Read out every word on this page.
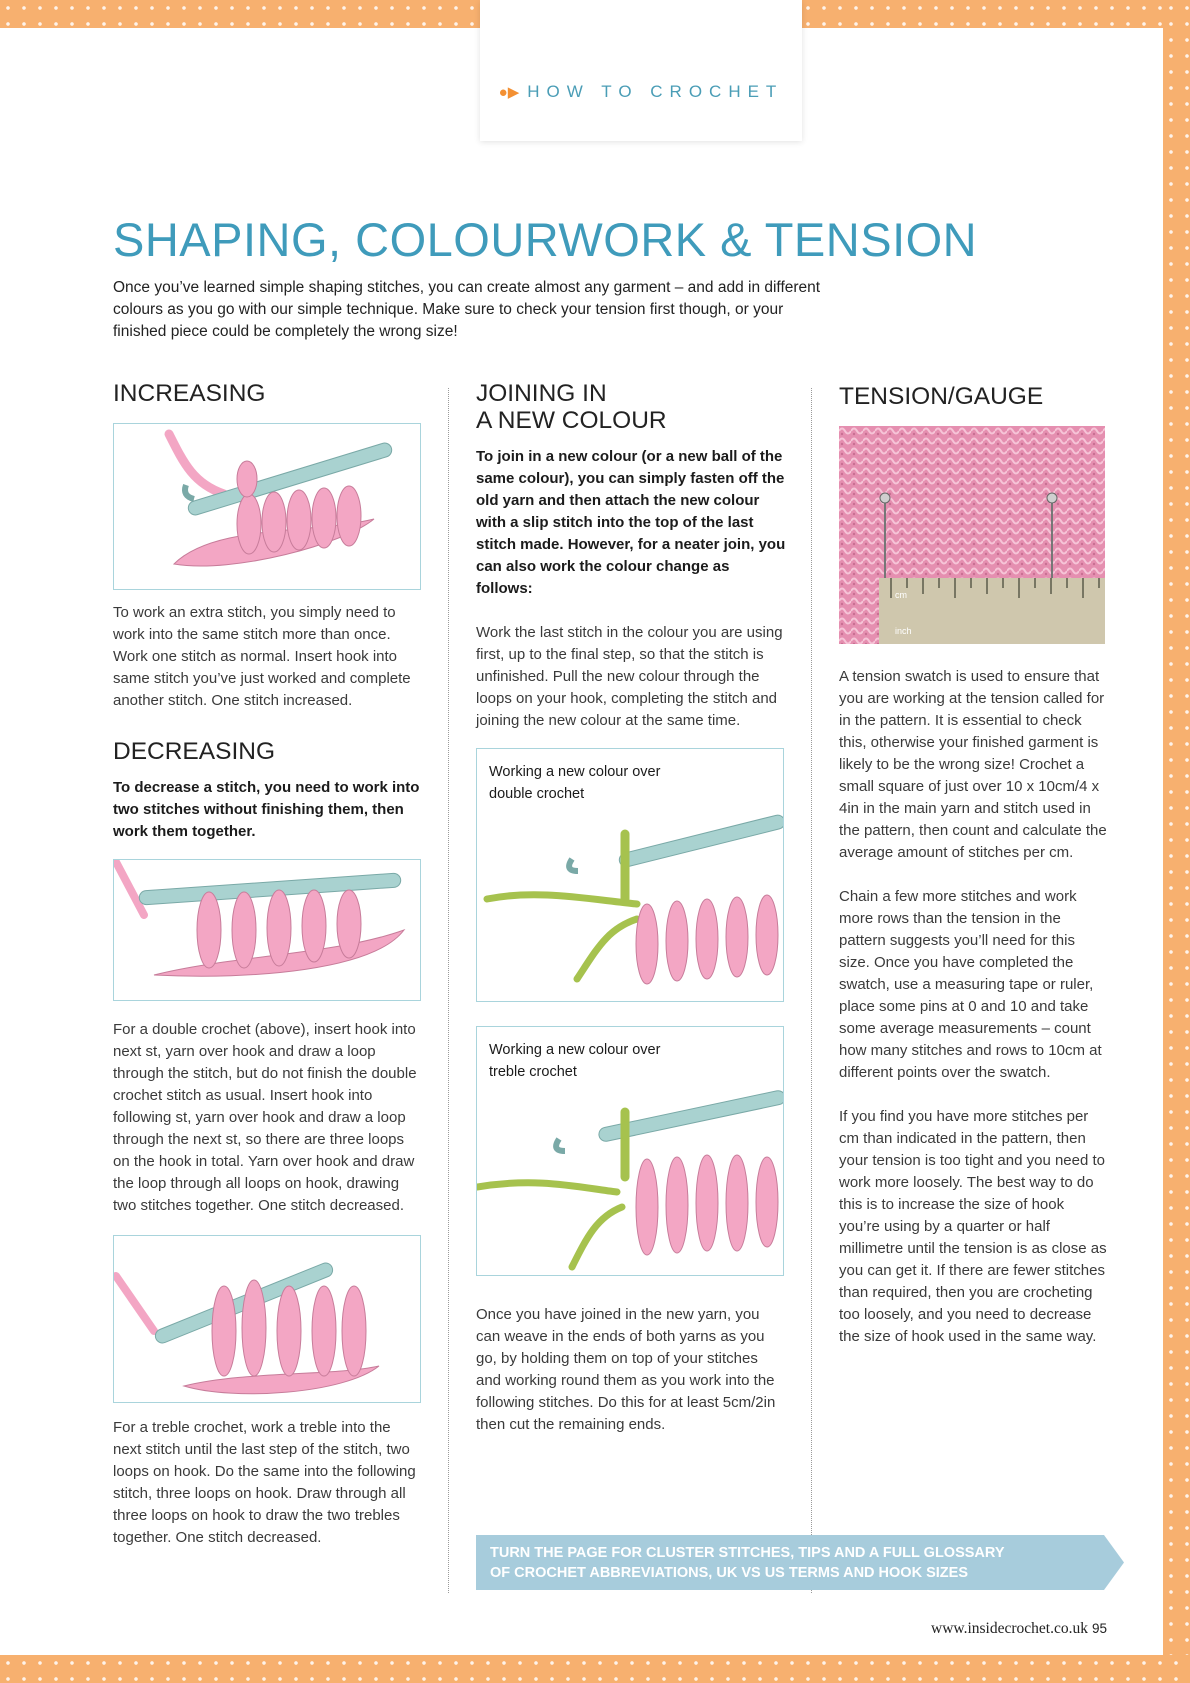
●▶ HOW TO CROCHET
SHAPING, COLOURWORK & TENSION

Once you’ve learned simple shaping stitches, you can create almost any garment – and add in different colours as you go with our simple technique. Make sure to check your tension first though, or your finished piece could be completely the wrong size!

INCREASING

To work an extra stitch, you simply need to work into the same stitch more than once. Work one stitch as normal. Insert hook into same stitch you’ve just worked and complete another stitch. One stitch increased.

DECREASING

To decrease a stitch, you need to work into two stitches without finishing them, then work them together.

For a double crochet (above), insert hook into next st, yarn over hook and draw a loop through the stitch, but do not finish the double crochet stitch as usual. Insert hook into following st, yarn over hook and draw a loop through the next st, so there are three loops on the hook in total. Yarn over hook and draw the loop through all loops on hook, drawing two stitches together. One stitch decreased.

For a treble crochet, work a treble into the next stitch until the last step of the stitch, two loops on hook. Do the same into the following stitch, three loops on hook. Draw through all three loops on hook to draw the two trebles together. One stitch decreased.

JOINING IN
A NEW COLOUR

To join in a new colour (or a new ball of the same colour), you can simply fasten off the old yarn and then attach the new colour with a slip stitch into the top of the last stitch made. However, for a neater join, you can also work the colour change as follows:

Work the last stitch in the colour you are using first, up to the final step, so that the stitch is unfinished. Pull the new colour through the loops on your hook, completing the stitch and joining the new colour at the same time.

Working a new colour over
double crochet
Working a new colour over
treble crochet

Once you have joined in the new yarn, you can weave in the ends of both yarns as you go, by holding them on top of your stitches and working round them as you work into the following stitches. Do this for at least 5cm/2in then cut the remaining ends.

TENSION/GAUGE
cm
inch

A tension swatch is used to ensure that you are working at the tension called for in the pattern. It is essential to check this, otherwise your finished garment is likely to be the wrong size! Crochet a small square of just over 10 x 10cm/4 x 4in in the main yarn and stitch used in the pattern, then count and calculate the average amount of stitches per cm.

Chain a few more stitches and work more rows than the tension in the pattern suggests you’ll need for this size. Once you have completed the swatch, use a measuring tape or ruler, place some pins at 0 and 10 and take some average measurements – count how many stitches and rows to 10cm at different points over the swatch.

If you find you have more stitches per cm than indicated in the pattern, then your tension is too tight and you need to work more loosely. The best way to do this is to increase the size of hook you’re using by a quarter or half millimetre until the tension is as close as you can get it. If there are fewer stitches than required, then you are crocheting too loosely, and you need to decrease the size of hook used in the same way.

TURN THE PAGE FOR CLUSTER STITCHES, TIPS AND A FULL GLOSSARY
OF CROCHET ABBREVIATIONS, UK VS US TERMS AND HOOK SIZES
www.insidecrochet.co.uk 95
